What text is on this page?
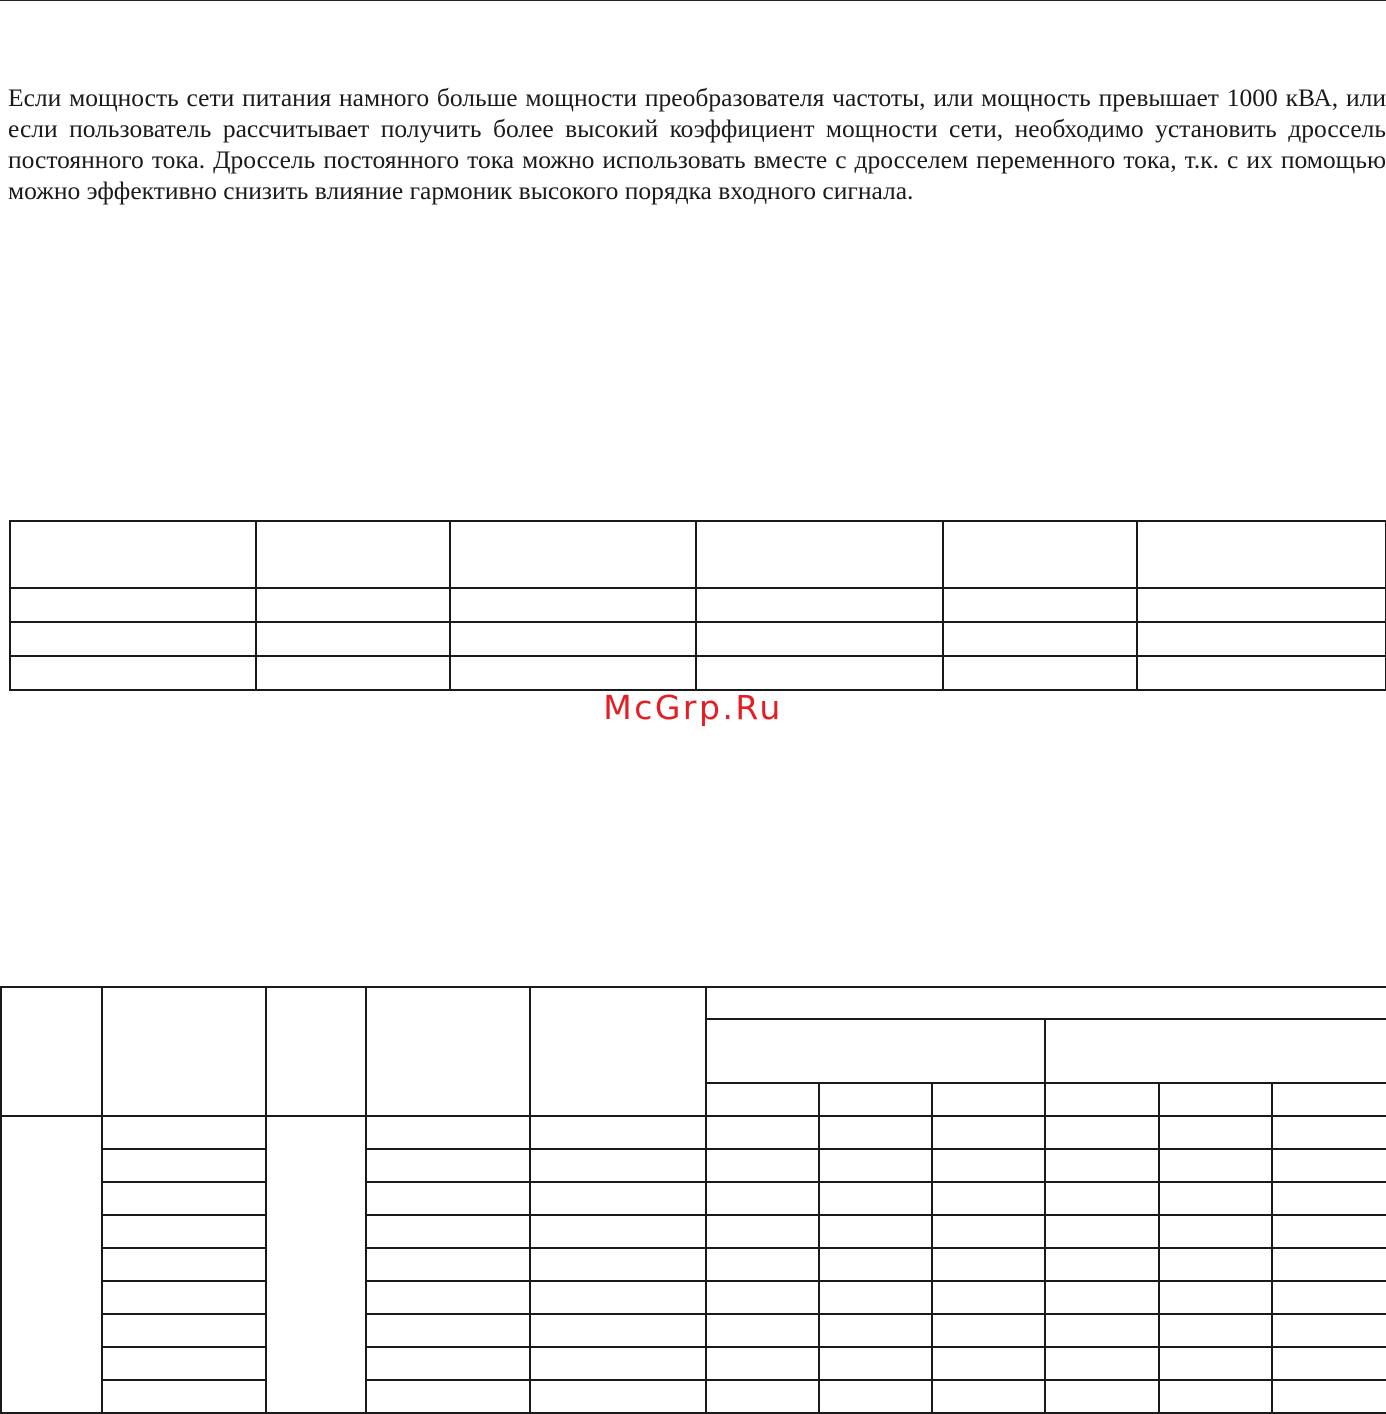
Если мощность сети питания намного больше мощности преобразователя частоты, или мощность превышает 1000 кВА, или если пользователь рассчитывает получить более высокий коэффициент мощности сети, необходимо установить дроссель постоянного тока. Дроссель постоянного тока можно использовать вместе с дросселем переменного тока, т.к. с их помощью можно эффективно снизить влияние гармоник высокого порядка входного сигнала.

McGrp.Ru
